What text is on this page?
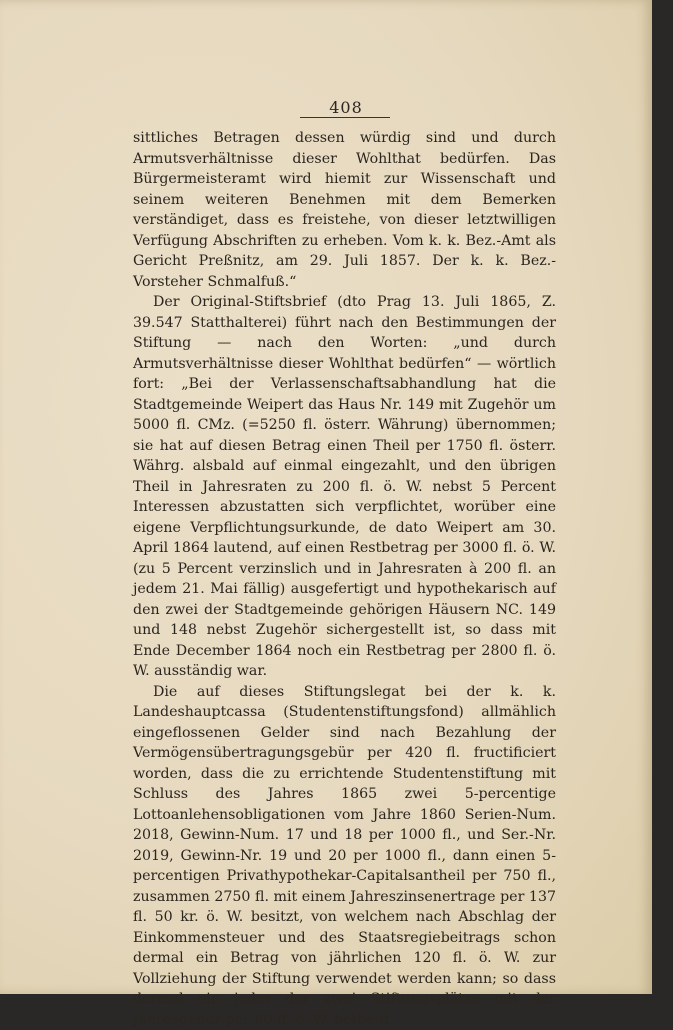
408

sittliches Betragen dessen würdig sind und durch Armutsverhältnisse dieser Wohlthat bedürfen. Das Bürgermeisteramt wird hiemit zur Wissenschaft und seinem weiteren Benehmen mit dem Bemerken verständiget, dass es freistehe, von dieser letztwilligen Verfügung Abschriften zu erheben. Vom k. k. Bez.-Amt als Gericht Preßnitz, am 29. Juli 1857. Der k. k. Bez.-Vorsteher Schmalfuß.“

Der Original-Stiftsbrief (dto Prag 13. Juli 1865, Z. 39.547 Statthalterei) führt nach den Bestimmungen der Stiftung — nach den Worten: „und durch Armutsverhältnisse dieser Wohlthat bedürfen“ — wörtlich fort: „Bei der Verlassenschaftsabhandlung hat die Stadtgemeinde Weipert das Haus Nr. 149 mit Zugehör um 5000 fl. CMz. (=5250 fl. österr. Währung) übernommen; sie hat auf diesen Betrag einen Theil per 1750 fl. österr. Währg. alsbald auf einmal eingezahlt, und den übrigen Theil in Jahresraten zu 200 fl. ö. W. nebst 5 Percent Interessen abzustatten sich verpflichtet, worüber eine eigene Verpflichtungsurkunde, de dato Weipert am 30. April 1864 lautend, auf einen Restbetrag per 3000 fl. ö. W. (zu 5 Percent verzinslich und in Jahresraten à 200 fl. an jedem 21. Mai fällig) ausgefertigt und hypothekarisch auf den zwei der Stadtgemeinde gehörigen Häusern NC. 149 und 148 nebst Zugehör sichergestellt ist, so dass mit Ende December 1864 noch ein Restbetrag per 2800 fl. ö. W. ausständig war.

Die auf dieses Stiftungslegat bei der k. k. Landeshauptcassa (Studentenstiftungsfond) allmählich eingeflossenen Gelder sind nach Bezahlung der Vermögensübertragungsgebür per 420 fl. fructificiert worden, dass die zu errichtende Studentenstiftung mit Schluss des Jahres 1865 zwei 5-percentige Lottoanlehensobligationen vom Jahre 1860 Serien-Num. 2018, Gewinn-Num. 17 und 18 per 1000 fl., und Ser.-Nr. 2019, Gewinn-Nr. 19 und 20 per 1000 fl., dann einen 5-percentigen Privathypothekar-Capitalsantheil per 750 fl., zusammen 2750 fl. mit einem Jahreszinsenertrage per 137 fl. 50 kr. ö. W. besitzt, von welchem nach Abschlag der Einkommensteuer und des Staatsregiebeitrags schon dermal ein Betrag von jährlichen 120 fl. ö. W. zur Vollziehung der Stiftung verwendet werden kann; so dass dermal ein jeder der zwei Stiftungsplätze mit der Jahresgebür per 60 fl. ö. W. betheilt
